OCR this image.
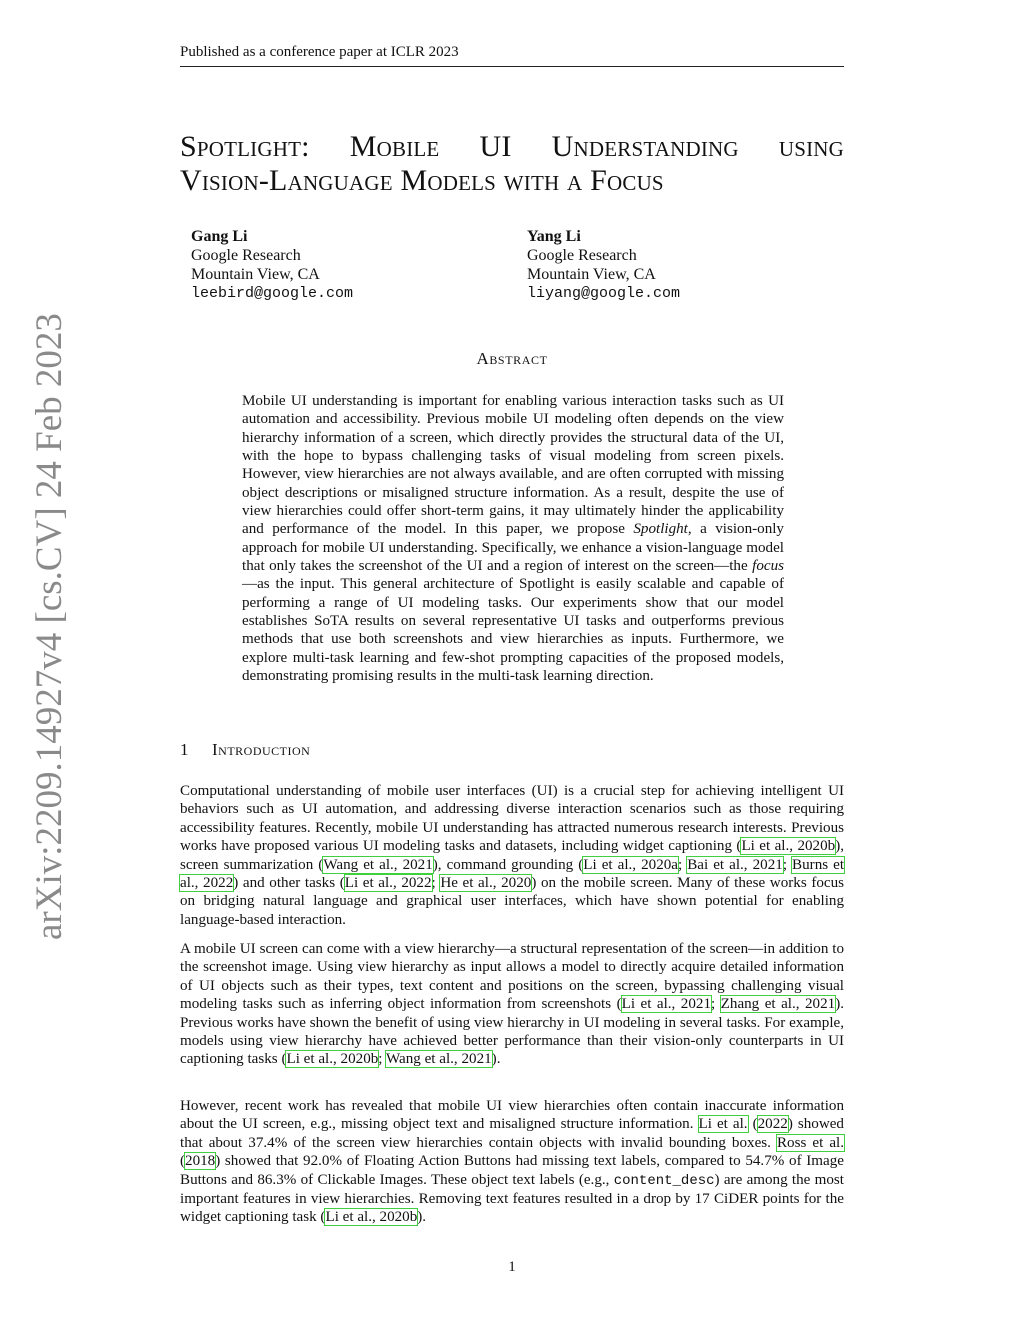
Published as a conference paper at ICLR 2023
arXiv:2209.14927v4 [cs.CV] 24 Feb 2023
Spotlight: Mobile UI Understanding using
Vision-Language Models with a Focus
Gang Li
Google Research
Mountain View, CA
leebird@google.com
Yang Li
Google Research
Mountain View, CA
liyang@google.com
Abstract

Mobile UI understanding is important for enabling various interaction tasks such as UI automation and accessibility. Previous mobile UI modeling often depends on the view hierarchy information of a screen, which directly provides the structural data of the UI, with the hope to bypass challenging tasks of visual modeling from screen pixels. However, view hierarchies are not always available, and are often corrupted with missing object descriptions or misaligned structure information. As a result, despite the use of view hierarchies could offer short-term gains, it may ultimately hinder the applicability and performance of the model. In this paper, we propose Spotlight, a vision-only approach for mobile UI understanding. Specifically, we enhance a vision-language model that only takes the screenshot of the UI and a region of interest on the screen—the focus—as the input. This general architecture of Spotlight is easily scalable and capable of performing a range of UI modeling tasks. Our experiments show that our model establishes SoTA results on several representative UI tasks and outperforms previous methods that use both screenshots and view hierarchies as inputs. Furthermore, we explore multi-task learning and few-shot prompting capacities of the proposed models, demonstrating promising results in the multi-task learning direction.

1 Introduction

Computational understanding of mobile user interfaces (UI) is a crucial step for achieving intelligent UI behaviors such as UI automation, and addressing diverse interaction scenarios such as those requiring accessibility features. Recently, mobile UI understanding has attracted numerous research interests. Previous works have proposed various UI modeling tasks and datasets, including widget captioning (Li et al., 2020b), screen summarization (Wang et al., 2021), command grounding (Li et al., 2020a; Bai et al., 2021; Burns et al., 2022) and other tasks (Li et al., 2022; He et al., 2020) on the mobile screen. Many of these works focus on bridging natural language and graphical user interfaces, which have shown potential for enabling language-based interaction.

A mobile UI screen can come with a view hierarchy—a structural representation of the screen—in addition to the screenshot image. Using view hierarchy as input allows a model to directly acquire detailed information of UI objects such as their types, text content and positions on the screen, bypassing challenging visual modeling tasks such as inferring object information from screenshots (Li et al., 2021; Zhang et al., 2021). Previous works have shown the benefit of using view hierarchy in UI modeling in several tasks. For example, models using view hierarchy have achieved better performance than their vision-only counterparts in UI captioning tasks (Li et al., 2020b; Wang et al., 2021).

However, recent work has revealed that mobile UI view hierarchies often contain inaccurate information about the UI screen, e.g., missing object text and misaligned structure information. Li et al. (2022) showed that about 37.4% of the screen view hierarchies contain objects with invalid bounding boxes. Ross et al. (2018) showed that 92.0% of Floating Action Buttons had missing text labels, compared to 54.7% of Image Buttons and 86.3% of Clickable Images. These object text labels (e.g., content_desc) are among the most important features in view hierarchies. Removing text features resulted in a drop by 17 CiDER points for the widget captioning task (Li et al., 2020b).

1
